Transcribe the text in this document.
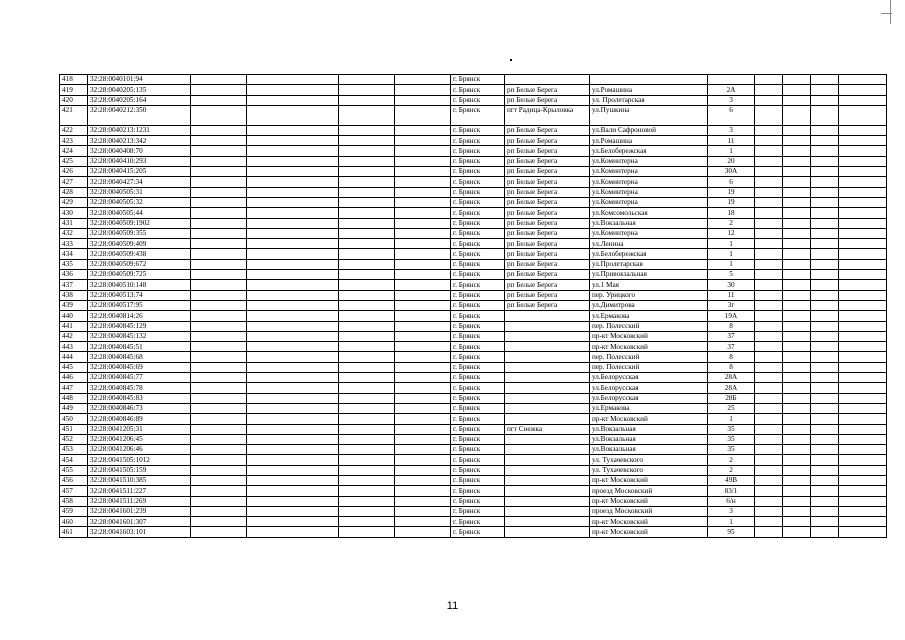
418	32:28:0040101:94					г. Брянск							
419	32:28:0040205:135					г. Брянск	рп Белые Берега	ул.Ромашина	2А				
420	32:28:0040205:164					г. Брянск	рп Белые Берега	ул. Пролетарская	3				
421	32:28:0040212:350					г. Брянск	пгт Радица-Крыловка	ул.Пушкина	6				
422	32:28:0040213:1231					г. Брянск	рп Белые Берега	ул.Вали Сафроновой	3				
423	32:28:0040213:342					г. Брянск	рп Белые Берега	ул.Ромашина	11				
424	32:28:0040408:70					г. Брянск	рп Белые Берега	ул.Белобережская	1				
425	32:28:0040410:293					г. Брянск	рп Белые Берега	ул.Коминтерна	20				
426	32:28:0040415:205					г. Брянск	рп Белые Берега	ул.Коминтерна	30А				
427	32:28:0040427:34					г. Брянск	рп Белые Берега	ул.Коминтерна	6				
428	32:28:0040505:31					г. Брянск	рп Белые Берега	ул.Коминтерна	19				
429	32:28:0040505:32					г. Брянск	рп Белые Берега	ул.Коминтерна	19				
430	32:28:0040505:44					г. Брянск	рп Белые Берега	ул.Комсомольская	18				
431	32:28:0040509:1902					г. Брянск	рп Белые Берега	ул.Вокзальная	2				
432	32:28:0040509:355					г. Брянск	рп Белые Берега	ул.Коминтерна	12				
433	32:28:0040509:409					г. Брянск	рп Белые Берега	ул.Ленина	1				
434	32:28:0040509:438					г. Брянск	рп Белые Берега	ул.Белобережская	1				
435	32:28:0040509:672					г. Брянск	рп Белые Берега	ул.Пролетарская	1				
436	32:28:0040509:725					г. Брянск	рп Белые Берега	ул.Привокзальная	5				
437	32:28:0040510:148					г. Брянск	рп Белые Берега	ул.1 Мая	30				
438	32:28:0040513:74					г. Брянск	рп Белые Берега	пер. Урицкого	11				
439	32:28:0040517:95					г. Брянск	рп Белые Берега	ул.Димитрова	3г				
440	32:28:0040814:26					г. Брянск		ул.Ермакова	19А				
441	32:28:0040845:129					г. Брянск		пер. Полесский	8				
442	32:28:0040845:132					г. Брянск		пр-кт Московский	37				
443	32:28:0040845:51					г. Брянск		пр-кт Московский	37				
444	32:28:0040845:68					г. Брянск		пер. Полесский	8				
445	32:28:0040845:69					г. Брянск		пер. Полесский	8				
446	32:28:0040845:77					г. Брянск		ул.Белорусская	28А				
447	32:28:0040845:78					г. Брянск		ул.Белорусская	28А				
448	32:28:0040845:83					г. Брянск		ул.Белорусская	28Б				
449	32:28:0040846:73					г. Брянск		ул.Ермакова	25				
450	32:28:0040846:89					г. Брянск		пр-кт Московский	1				
451	32:28:0041205:31					г. Брянск	пгт Снежка	ул.Вокзальная	35				
452	32:28:0041206:45					г. Брянск		ул.Вокзальная	35				
453	32:28:0041206:46					г. Брянск		ул.Вокзальная	35				
454	32:28:0041505:1012					г. Брянск		ул. Тухачевского	2				
455	32:28:0041505:159					г. Брянск		ул. Тухачевского	2				
456	32:28:0041510:385					г. Брянск		пр-кт Московский	49В				
457	32:28:0041511:227					г. Брянск		проезд Московский	83/1				
458	32:28:0041511:269					г. Брянск		пр-кт Московский	6/н				
459	32:28:0041601:239					г. Брянск		проезд Московский	3				
460	32:28:0041601:307					г. Брянск		пр-кт Московский	1				
461	32:28:0041603:101					г. Брянск		пр-кт Московский	95				
11
